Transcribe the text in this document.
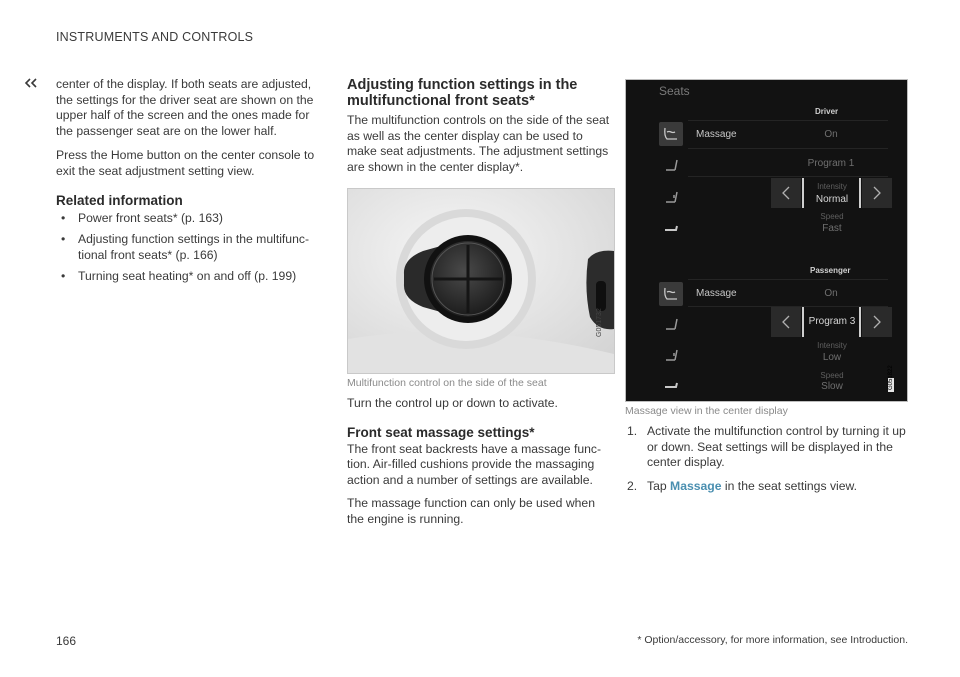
INSTRUMENTS AND CONTROLS

center of the display. If both seats are adjusted, the settings for the driver seat are shown on the upper half of the screen and the ones made for the passenger seat are on the lower half.

Press the Home button on the center console to exit the seat adjustment setting view.

Related information

• Power front seats* (p. 163)
• Adjusting function settings in the multifunc-tional front seats* (p. 166)
• Turning seat heating* on and off (p. 199)

Adjusting function settings in the
multifunctional front seats*

The multifunction controls on the side of the seat as well as the center display can be used to make seat adjustments. The adjustment settings are shown in the center display*.

G051732
Multifunction control on the side of the seat

Turn the control up or down to activate.

Front seat massage settings*

The front seat backrests have a massage func-tion. Air-filled cushions provide the massaging action and a number of settings are available.

The massage function can only be used when the engine is running.

Seats
Driver
Massage	On
Program 1
Intensity
Normal
Speed
Fast
Passenger
Massage	On
Program 3
Intensity
Low
Speed
Slow	G051822
Massage view in the center display
1. Activate the multifunction control by turning it up or down. Seat settings will be displayed in the center display.
2. Tap Massage in the seat settings view.
166	* Option/accessory, for more information, see Introduction.
